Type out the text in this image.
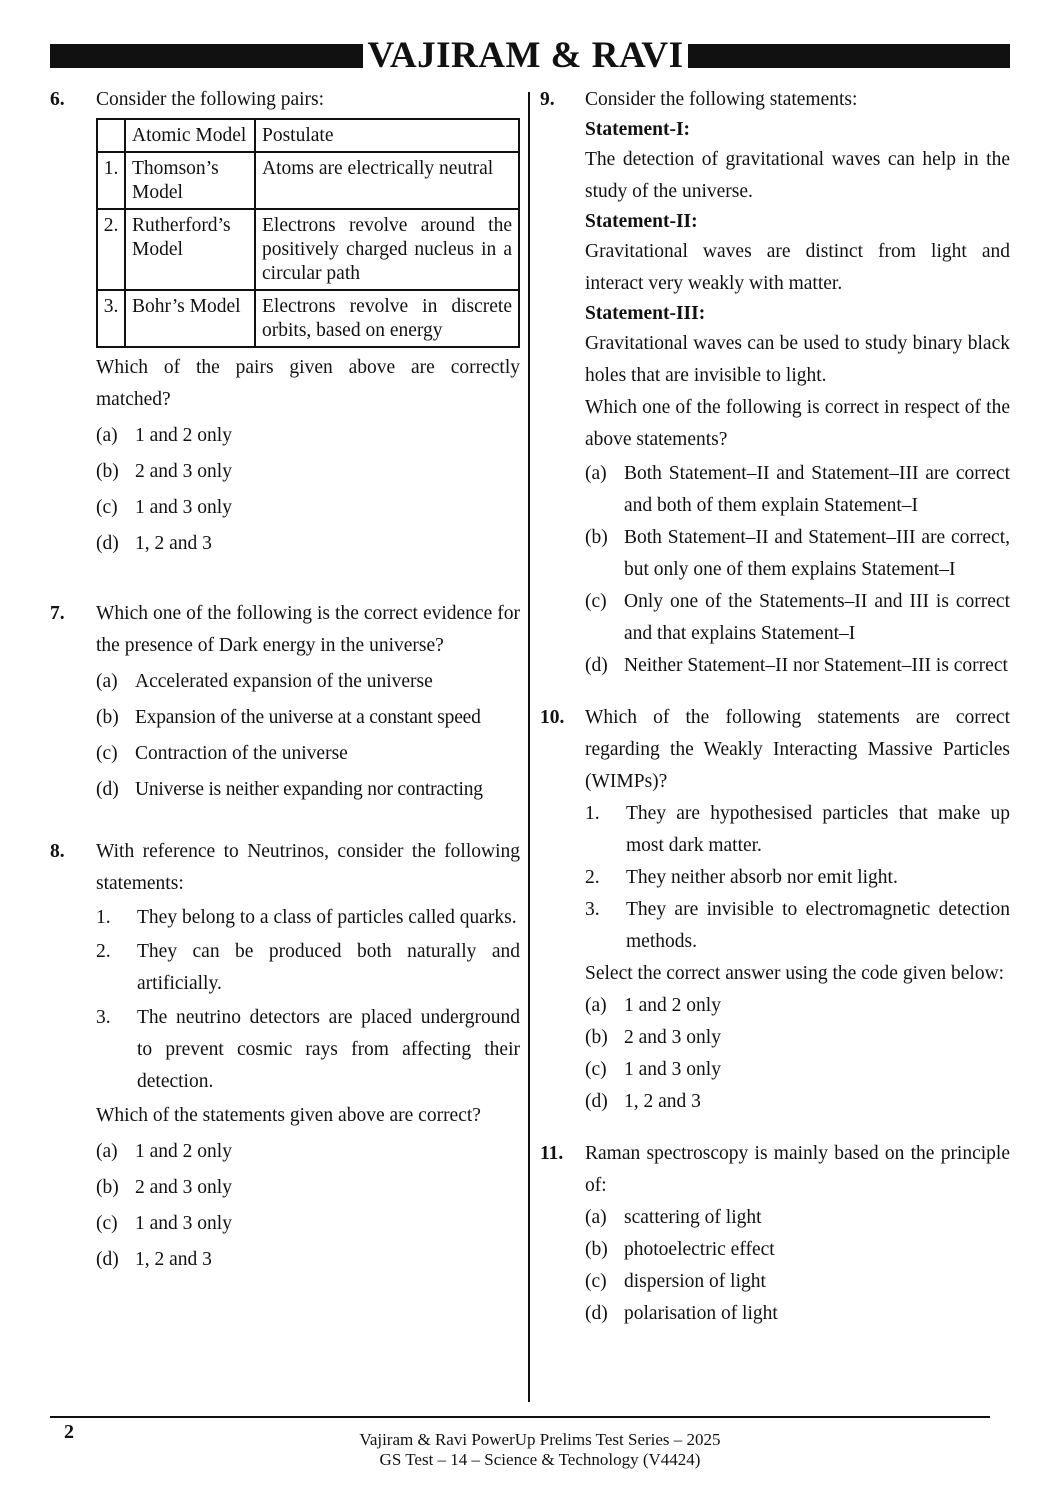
VAJIRAM & RAVI
6.	Consider the following pairs:
	Atomic Model	Postulate
1.	Thomson’s Model	Atoms are electrically neutral
2.	Rutherford’s Model	Electrons revolve around the positively charged nucleus in a circular path
3.	Bohr’s Model	Electrons revolve in discrete orbits, based on energy
Which of the pairs given above are correctly matched?
(a) 1 and 2 only
(b) 2 and 3 only
(c) 1 and 3 only
(d) 1, 2 and 3
7.	Which one of the following is the correct evidence for the presence of Dark energy in the universe?
(a) Accelerated expansion of the universe
(b) Expansion of the universe at a constant speed
(c) Contraction of the universe
(d) Universe is neither expanding nor contracting
8.	With reference to Neutrinos, consider the following statements:
1.	They belong to a class of particles called quarks.
2.	They can be produced both naturally and artificially.
3.	The neutrino detectors are placed underground to prevent cosmic rays from affecting their detection.
Which of the statements given above are correct?
(a) 1 and 2 only
(b) 2 and 3 only
(c) 1 and 3 only
(d) 1, 2 and 3
9.	Consider the following statements:
Statement-I:
The detection of gravitational waves can help in the study of the universe.
Statement-II:
Gravitational waves are distinct from light and interact very weakly with matter.
Statement-III:
Gravitational waves can be used to study binary black holes that are invisible to light.
Which one of the following is correct in respect of the above statements?
(a) Both Statement–II and Statement–III are correct and both of them explain Statement–I
(b) Both Statement–II and Statement–III are correct, but only one of them explains Statement–I
(c) Only one of the Statements–II and III is correct and that explains Statement–I
(d) Neither Statement–II nor Statement–III is correct
10.	Which of the following statements are correct regarding the Weakly Interacting Massive Particles (WIMPs)?
1.	They are hypothesised particles that make up most dark matter.
2.	They neither absorb nor emit light.
3.	They are invisible to electromagnetic detection methods.
Select the correct answer using the code given below:
(a) 1 and 2 only
(b) 2 and 3 only
(c) 1 and 3 only
(d) 1, 2 and 3
11.	Raman spectroscopy is mainly based on the principle of:
(a) scattering of light
(b) photoelectric effect
(c) dispersion of light
(d) polarisation of light
2	Vajiram & Ravi PowerUp Prelims Test Series – 2025
GS Test – 14 – Science & Technology (V4424)
